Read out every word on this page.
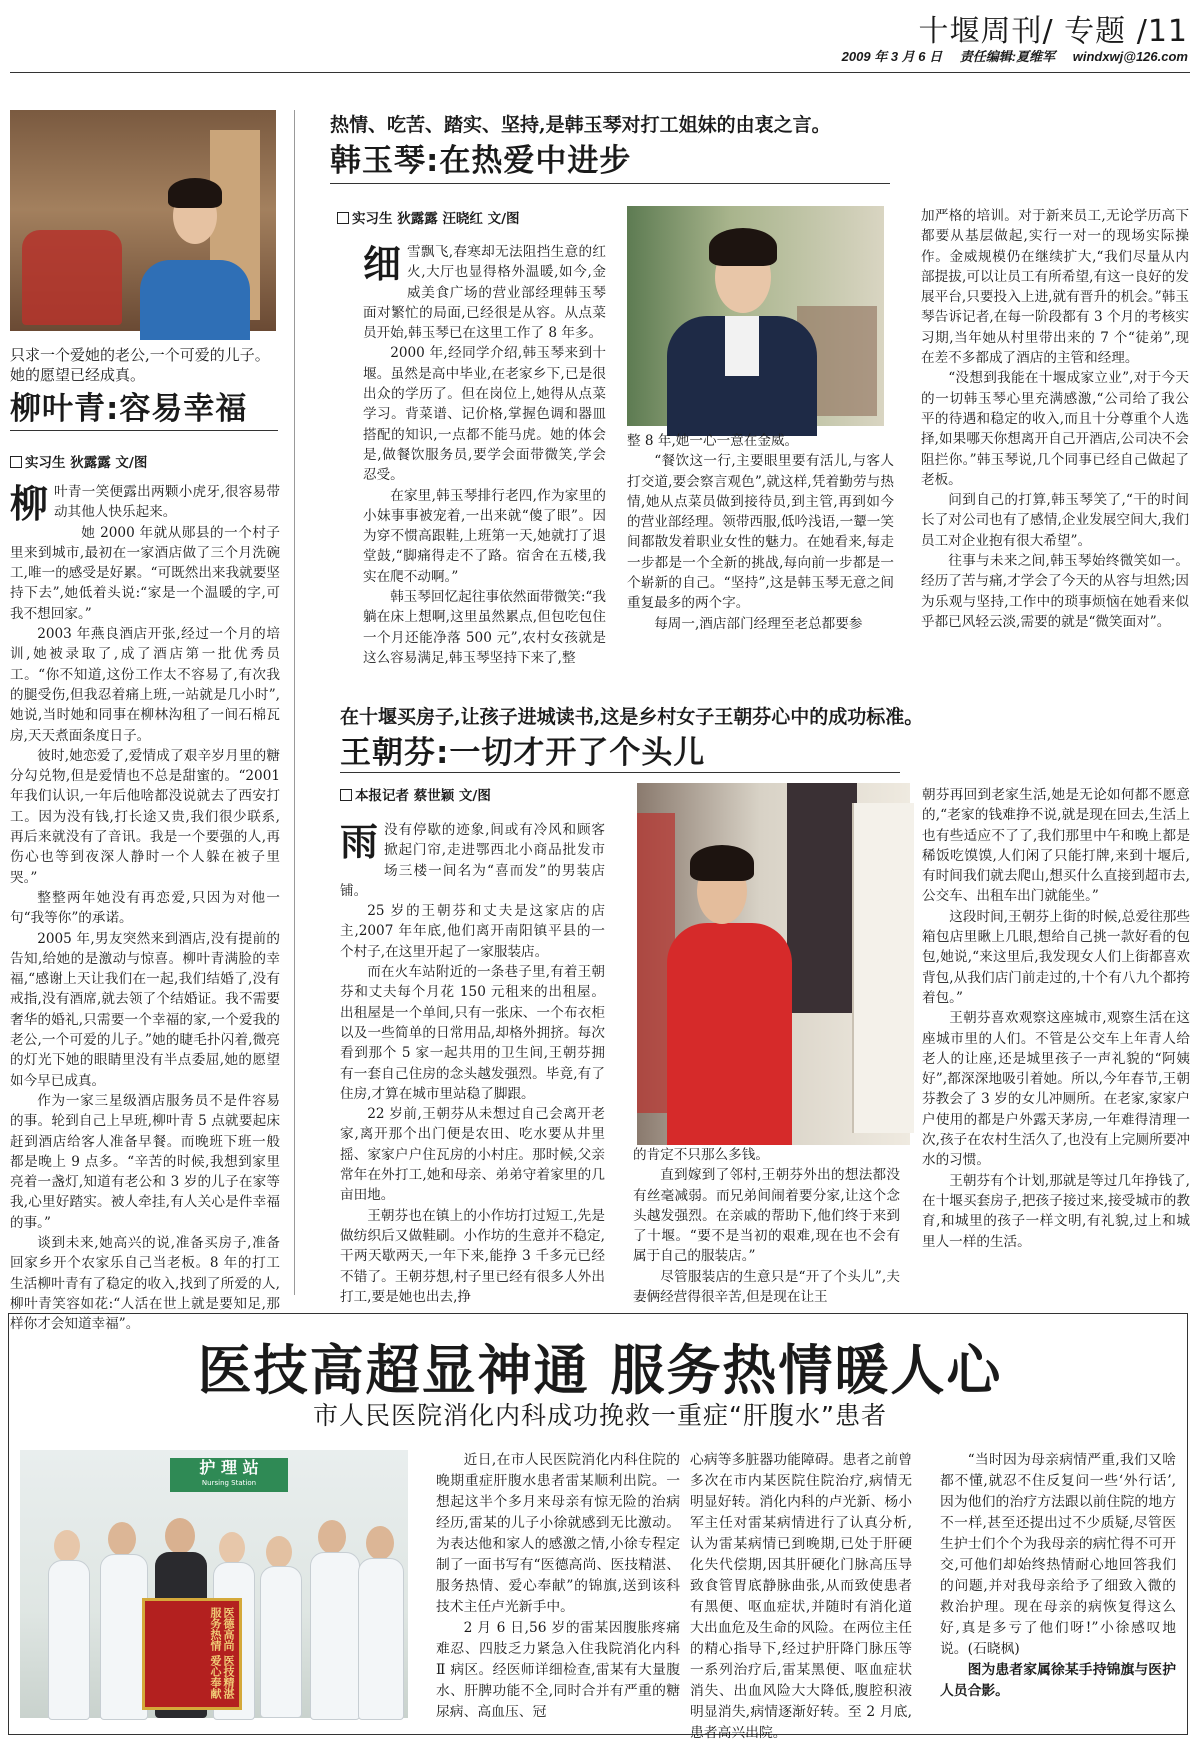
十堰周刊/ 专题 /11
2009 年 3 月 6 日 责任编辑:夏维军 windxwj@126.com
只求一个爱她的老公,一个可爱的儿子。她的愿望已经成真。
柳叶青:容易幸福
实习生 狄露露 文/图
柳 叶青一笑便露出两颗小虎牙,很容易带动其他人快乐起来。

她 2000 年就从郧县的一个村子里来到城市,最初在一家酒店做了三个月洗碗工,唯一的感受是好累。“可既然出来我就要坚持下去”,她低着头说:“家是一个温暖的字,可我不想回家。”

2003 年燕良酒店开张,经过一个月的培训,她被录取了,成了酒店第一批优秀员工。“你不知道,这份工作太不容易了,有次我的腿受伤,但我忍着痛上班,一站就是几小时”,她说,当时她和同事在柳林沟租了一间石棉瓦房,天天煮面条度日子。

彼时,她恋爱了,爱情成了艰辛岁月里的糖分勾兑物,但是爱情也不总是甜蜜的。“2001 年我们认识,一年后他啥都没说就去了西安打工。因为没有钱,打长途又贵,我们很少联系,再后来就没有了音讯。我是一个要强的人,再伤心也等到夜深人静时一个人躲在被子里哭。”

整整两年她没有再恋爱,只因为对他一句“我等你”的承诺。

2005 年,男友突然来到酒店,没有提前的告知,给她的是激动与惊喜。柳叶青满脸的幸福,“感谢上天让我们在一起,我们结婚了,没有戒指,没有酒席,就去领了个结婚证。我不需要奢华的婚礼,只需要一个幸福的家,一个爱我的老公,一个可爱的儿子。”她的睫毛扑闪着,微亮的灯光下她的眼睛里没有半点委屈,她的愿望如今早已成真。

作为一家三星级酒店服务员不是件容易的事。轮到自己上早班,柳叶青 5 点就要起床赶到酒店给客人准备早餐。而晚班下班一般都是晚上 9 点多。“辛苦的时候,我想到家里亮着一盏灯,知道有老公和 3 岁的儿子在家等我,心里好踏实。被人牵挂,有人关心是件幸福的事。”

谈到未来,她高兴的说,准备买房子,准备回家乡开个农家乐自己当老板。8 年的打工生活柳叶青有了稳定的收入,找到了所爱的人,柳叶青笑容如花:“人活在世上就是要知足,那样你才会知道幸福”。

热情、吃苦、踏实、坚持,是韩玉琴对打工姐妹的由衷之言。
韩玉琴:在热爱中进步
实习生 狄露露 汪晓红 文/图
细 雪飘飞,春寒却无法阻挡生意的红火,大厅也显得格外温暖,如今,金威美食广场的营业部经理韩玉琴面对繁忙的局面,已经很是从容。从点菜员开始,韩玉琴已在这里工作了 8 年多。

2000 年,经同学介绍,韩玉琴来到十堰。虽然是高中毕业,在老家乡下,已是很出众的学历了。但在岗位上,她得从点菜学习。背菜谱、记价格,掌握色调和器皿搭配的知识,一点都不能马虎。她的体会是,做餐饮服务员,要学会面带微笑,学会忍受。

在家里,韩玉琴排行老四,作为家里的小妹事事被宠着,一出来就“傻了眼”。因为穿不惯高跟鞋,上班第一天,她就打了退堂鼓,“脚痛得走不了路。宿舍在五楼,我实在爬不动啊。”

韩玉琴回忆起往事依然面带微笑:“我躺在床上想啊,这里虽然累点,但包吃包住一个月还能净落 500 元”,农村女孩就是这么容易满足,韩玉琴坚持下来了,整

整 8 年,她一心一意在金威。

“餐饮这一行,主要眼里要有活儿,与客人打交道,要会察言观色”,就这样,凭着勤劳与热情,她从点菜员做到接待员,到主管,再到如今的营业部经理。领带西服,低吟浅语,一颦一笑间都散发着职业女性的魅力。在她看来,每走一步都是一个全新的挑战,每向前一步都是一个崭新的自己。“坚持”,这是韩玉琴无意之间重复最多的两个字。

每周一,酒店部门经理至老总都要参

加严格的培训。对于新来员工,无论学历高下都要从基层做起,实行一对一的现场实际操作。金威规模仍在继续扩大,“我们尽量从内部提拔,可以让员工有所希望,有这一良好的发展平台,只要投入上进,就有晋升的机会。”韩玉琴告诉记者,在每一阶段都有 3 个月的考核实习期,当年她从村里带出来的 7 个“徒弟”,现在差不多都成了酒店的主管和经理。

“没想到我能在十堰成家立业”,对于今天的一切韩玉琴心里充满感激,“公司给了我公平的待遇和稳定的收入,而且十分尊重个人选择,如果哪天你想离开自己开酒店,公司决不会阻拦你。”韩玉琴说,几个同事已经自己做起了老板。

问到自己的打算,韩玉琴笑了,“干的时间长了对公司也有了感情,企业发展空间大,我们员工对企业抱有很大希望”。

往事与未来之间,韩玉琴始终微笑如一。经历了苦与痛,才学会了今天的从容与坦然;因为乐观与坚持,工作中的琐事烦恼在她看来似乎都已风轻云淡,需要的就是“微笑面对”。

在十堰买房子,让孩子进城读书,这是乡村女子王朝芬心中的成功标准。
王朝芬:一切才开了个头儿
本报记者 蔡世颖 文/图
雨 没有停歇的迹象,间或有冷风和顾客掀起门帘,走进鄂西北小商品批发市场三楼一间名为“喜而发”的男装店铺。

25 岁的王朝芬和丈夫是这家店的店主,2007 年年底,他们离开南阳镇平县的一个村子,在这里开起了一家服装店。

而在火车站附近的一条巷子里,有着王朝芬和丈夫每个月花 150 元租来的出租屋。出租屋是一个单间,只有一张床、一个布衣柜以及一些简单的日常用品,却格外拥挤。每次看到那个 5 家一起共用的卫生间,王朝芬拥有一套自己住房的念头越发强烈。毕竟,有了住房,才算在城市里站稳了脚跟。

22 岁前,王朝芬从未想过自己会离开老家,离开那个出门便是农田、吃水要从井里摇、家家户户住瓦房的小村庄。那时候,父亲常年在外打工,她和母亲、弟弟守着家里的几亩田地。

王朝芬也在镇上的小作坊打过短工,先是做纺织后又做鞋刷。小作坊的生意并不稳定,干两天歇两天,一年下来,能挣 3 千多元已经不错了。王朝芬想,村子里已经有很多人外出打工,要是她也出去,挣

的肯定不只那么多钱。

直到嫁到了邻村,王朝芬外出的想法都没有丝毫减弱。而兄弟间闹着要分家,让这个念头越发强烈。在亲戚的帮助下,他们终于来到了十堰。“要不是当初的艰难,现在也不会有属于自己的服装店。”

尽管服装店的生意只是“开了个头儿”,夫妻俩经营得很辛苦,但是现在让王

朝芬再回到老家生活,她是无论如何都不愿意的,“老家的钱难挣不说,就是现在回去,生活上也有些适应不了了,我们那里中午和晚上都是稀饭吃馍馍,人们闲了只能打牌,来到十堰后,有时间我们就去爬山,想买什么直接到超市去,公交车、出租车出门就能坐。”

这段时间,王朝芬上街的时候,总爱往那些箱包店里瞅上几眼,想给自己挑一款好看的包包,她说,“来这里后,我发现女人们上街都喜欢背包,从我们店门前走过的,十个有八九个都挎着包。”

王朝芬喜欢观察这座城市,观察生活在这座城市里的人们。不管是公交车上年青人给老人的让座,还是城里孩子一声礼貌的“阿姨好”,都深深地吸引着她。所以,今年春节,王朝芬教会了 3 岁的女儿冲厕所。在老家,家家户户使用的都是户外露天茅房,一年难得清理一次,孩子在农村生活久了,也没有上完厕所要冲水的习惯。

王朝芬有个计划,那就是等过几年挣钱了,在十堰买套房子,把孩子接过来,接受城市的教育,和城里的孩子一样文明,有礼貌,过上和城里人一样的生活。

医技高超显神通 服务热情暖人心
市人民医院消化内科成功挽救一重症“肝腹水”患者
护 理 站
Nursing Station
医德高尚 医技精湛 服务热情 爱心奉献

近日,在市人民医院消化内科住院的晚期重症肝腹水患者雷某顺利出院。一想起这半个多月来母亲有惊无险的治病经历,雷某的儿子小徐就感到无比激动。为表达他和家人的感激之情,小徐专程定制了一面书写有“医德高尚、医技精湛、服务热情、爱心奉献”的锦旗,送到该科技术主任卢光新手中。

2 月 6 日,56 岁的雷某因腹胀疼痛难忍、四肢乏力紧急入住我院消化内科 Ⅱ 病区。经医师详细检查,雷某有大量腹水、肝脾功能不全,同时合并有严重的糖尿病、高血压、冠

心病等多脏器功能障碍。患者之前曾多次在市内某医院住院治疗,病情无明显好转。消化内科的卢光新、杨小军主任对雷某病情进行了认真分析,认为雷某病情已到晚期,已处于肝硬化失代偿期,因其肝硬化门脉高压导致食管胃底静脉曲张,从而致使患者有黑便、呕血症状,并随时有消化道大出血危及生命的风险。在两位主任的精心指导下,经过护肝降门脉压等一系列治疗后,雷某黑便、呕血症状消失、出血风险大大降低,腹腔积液明显消失,病情逐渐好转。至 2 月底,患者高兴出院。

“当时因为母亲病情严重,我们又啥都不懂,就忍不住反复问一些‘外行话’,因为他们的治疗方法跟以前住院的地方不一样,甚至还提出过不少质疑,尽管医生护士们个个为我母亲的病忙得不可开交,可他们却始终热情耐心地回答我们的问题,并对我母亲给予了细致入微的救治护理。现在母亲的病恢复得这么好,真是多亏了他们呀!”小徐感叹地说。(石晓枫)

图为患者家属徐某手持锦旗与医护人员合影。
